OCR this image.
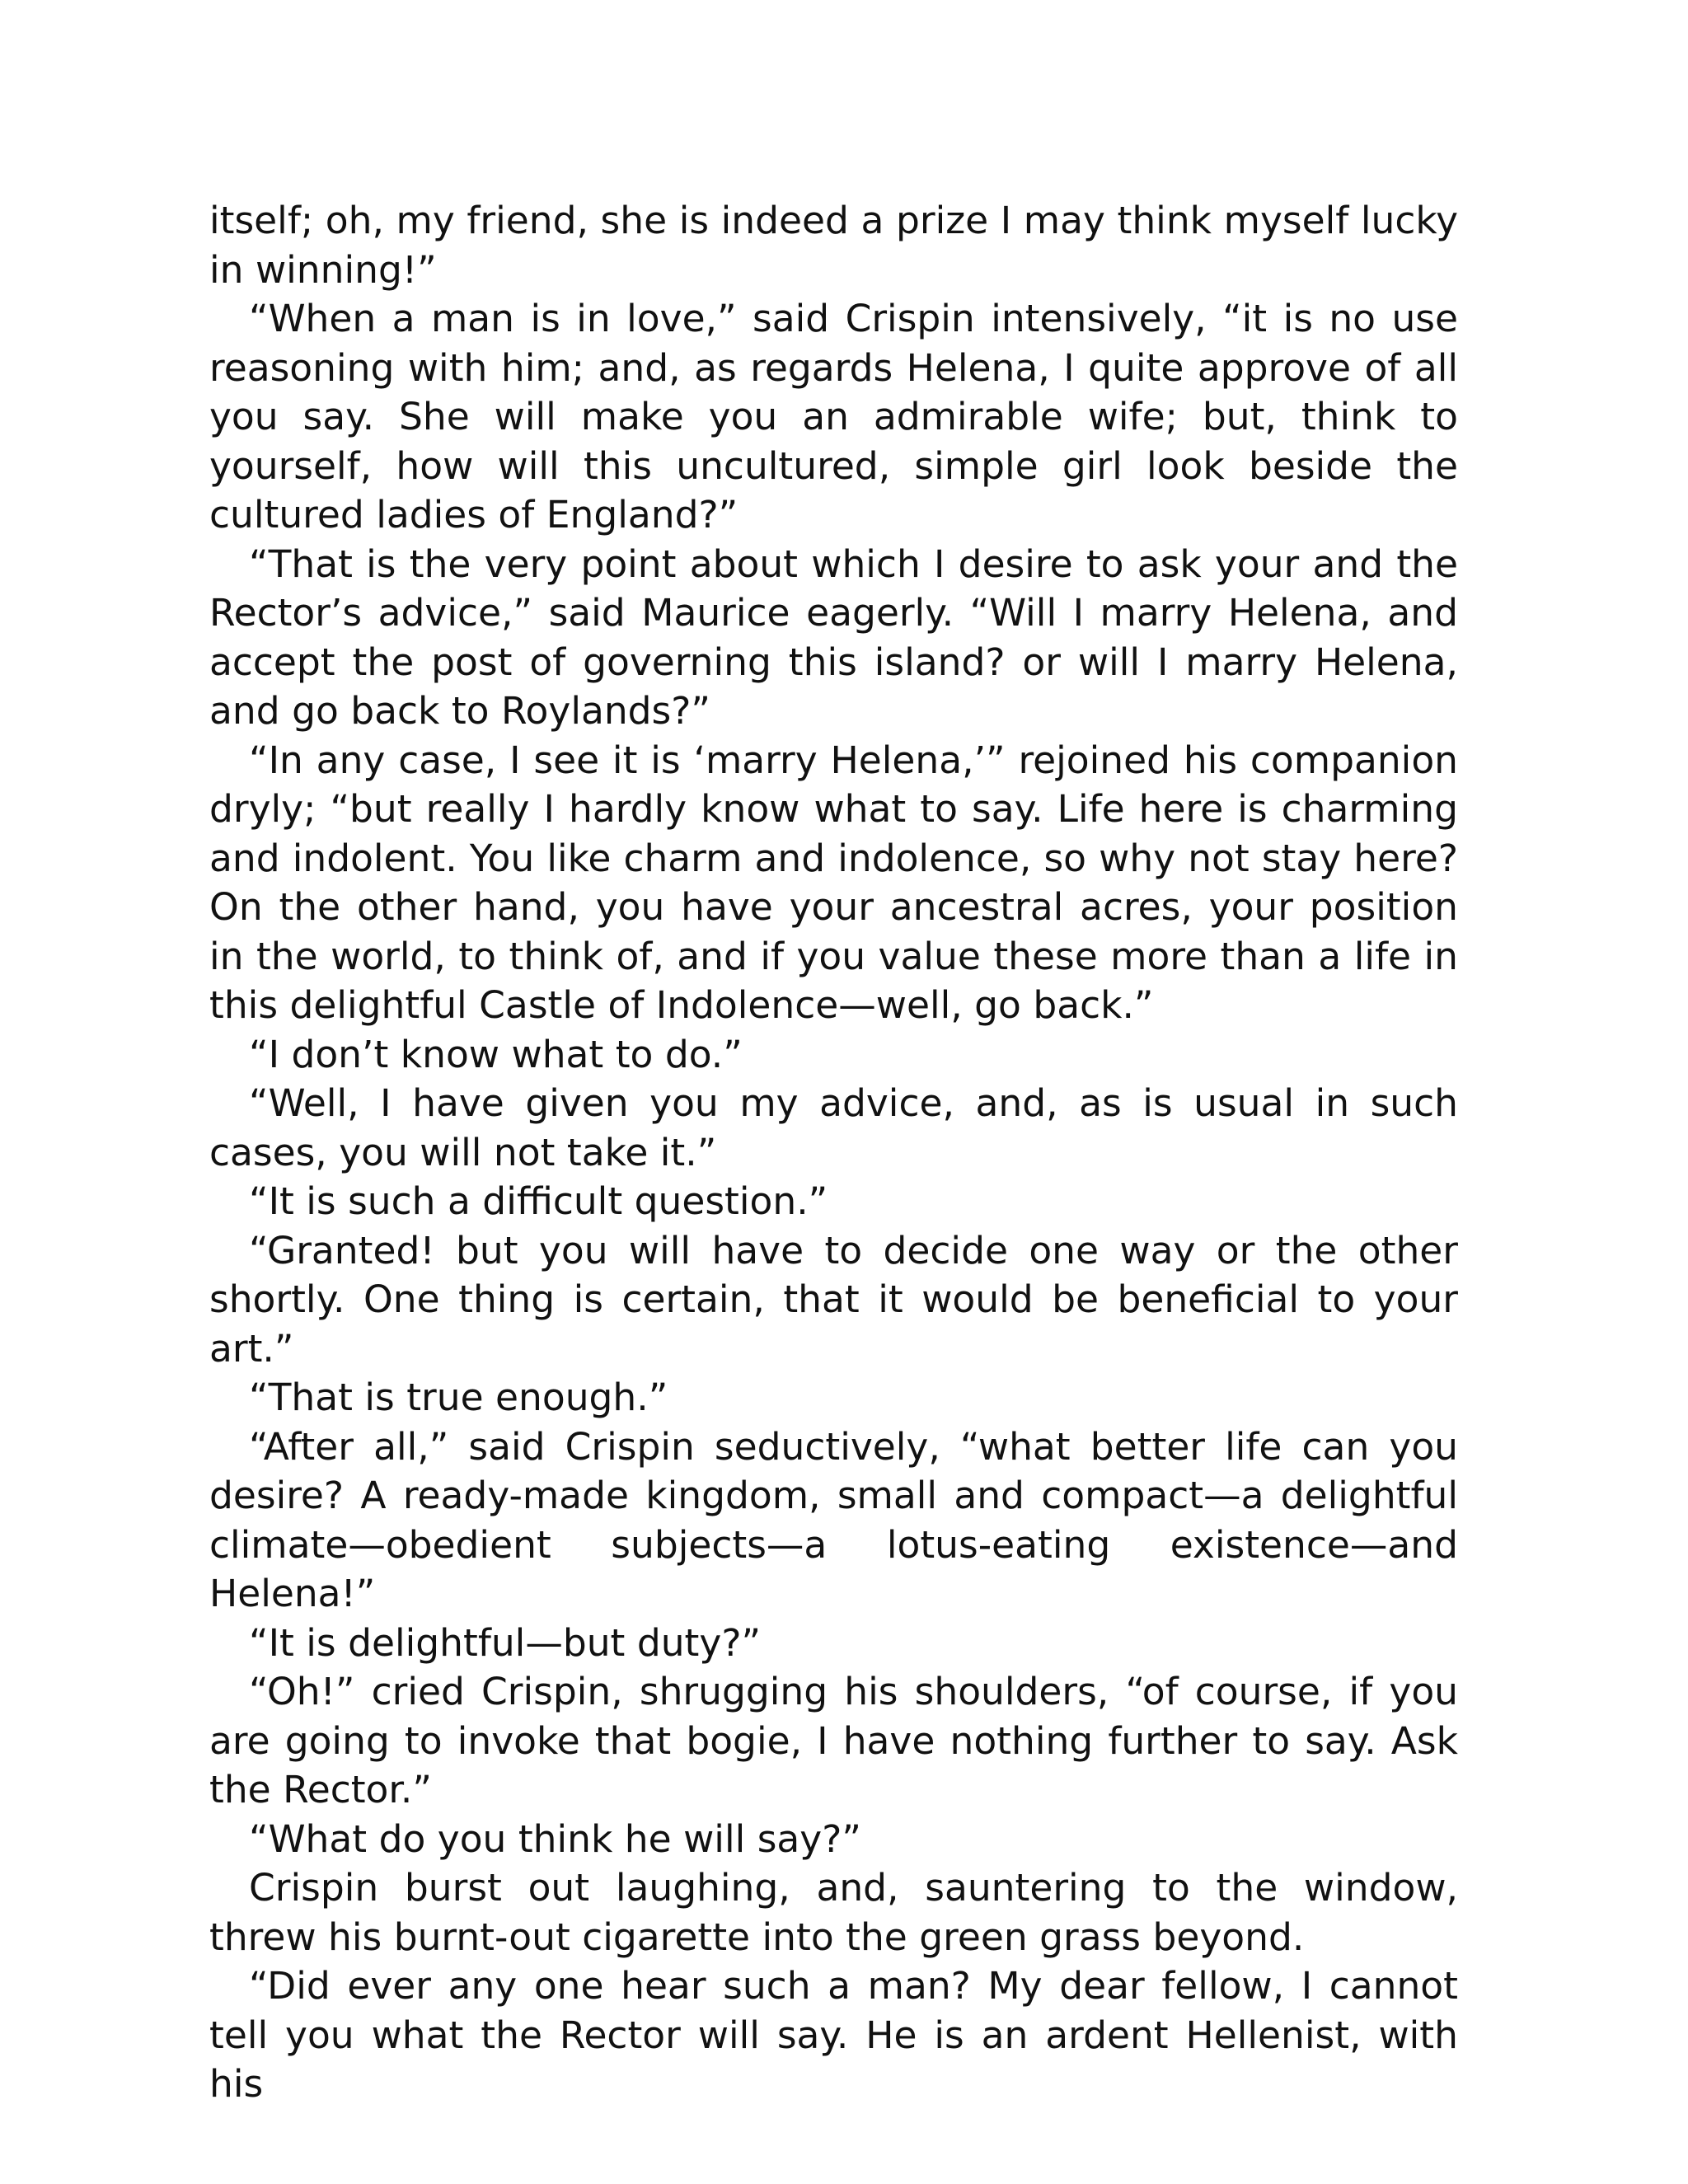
itself; oh, my friend, she is indeed a prize I may think myself lucky in winning!”

“When a man is in love,” said Crispin intensively, “it is no use reasoning with him; and, as regards Helena, I quite approve of all you say. She will make you an admirable wife; but, think to yourself, how will this uncultured, simple girl look beside the cultured ladies of England?”

“That is the very point about which I desire to ask your and the Rector’s advice,” said Maurice eagerly. “Will I marry Helena, and accept the post of governing this island? or will I marry Helena, and go back to Roylands?”

“In any case, I see it is ‘marry Helena,’” rejoined his companion dryly; “but really I hardly know what to say. Life here is charming and indolent. You like charm and indolence, so why not stay here? On the other hand, you have your ancestral acres, your position in the world, to think of, and if you value these more than a life in this delightful Castle of Indolence—well, go back.”

“I don’t know what to do.”

“Well, I have given you my advice, and, as is usual in such cases, you will not take it.”

“It is such a difficult question.”

“Granted! but you will have to decide one way or the other shortly. One thing is certain, that it would be beneficial to your art.”

“That is true enough.”

“After all,” said Crispin seductively, “what better life can you desire? A ready-made kingdom, small and compact—a delightful climate—obedient subjects—a lotus-eating existence—and Helena!”

“It is delightful—but duty?”

“Oh!” cried Crispin, shrugging his shoulders, “of course, if you are going to invoke that bogie, I have nothing further to say. Ask the Rector.”

“What do you think he will say?”

Crispin burst out laughing, and, sauntering to the window, threw his burnt-out cigarette into the green grass beyond.

“Did ever any one hear such a man? My dear fellow, I cannot tell you what the Rector will say. He is an ardent Hellenist, with his
